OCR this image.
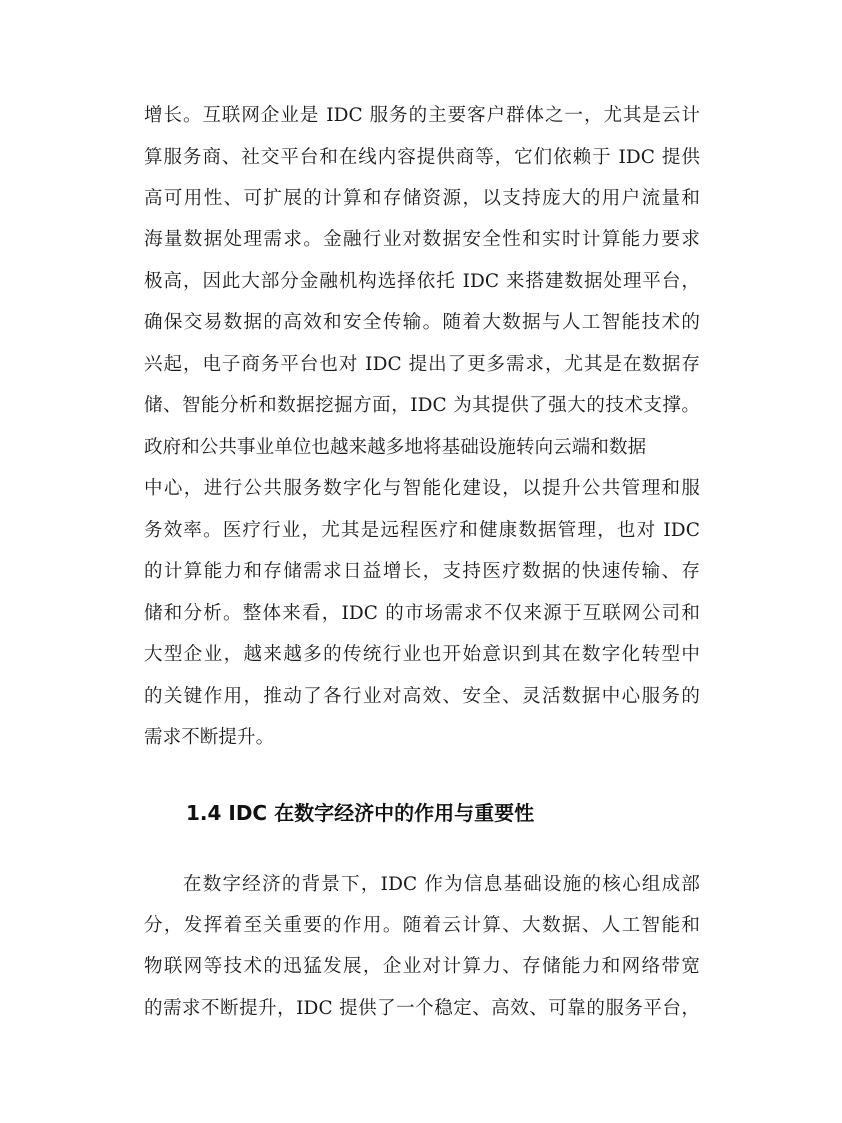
增长。互联网企业是 IDC 服务的主要客户群体之一，尤其是云计
算服务商、社交平台和在线内容提供商等，它们依赖于 IDC 提供
高可用性、可扩展的计算和存储资源，以支持庞大的用户流量和
海量数据处理需求。金融行业对数据安全性和实时计算能力要求
极高，因此大部分金融机构选择依托 IDC 来搭建数据处理平台，
确保交易数据的高效和安全传输。随着大数据与人工智能技术的
兴起，电子商务平台也对 IDC 提出了更多需求，尤其是在数据存
储、智能分析和数据挖掘方面，IDC 为其提供了强大的技术支撑。
政府和公共事业单位也越来越多地将基础设施转向云端和数据
中心，进行公共服务数字化与智能化建设，以提升公共管理和服
务效率。医疗行业，尤其是远程医疗和健康数据管理，也对 IDC
的计算能力和存储需求日益增长，支持医疗数据的快速传输、存
储和分析。整体来看，IDC 的市场需求不仅来源于互联网公司和
大型企业，越来越多的传统行业也开始意识到其在数字化转型中
的关键作用，推动了各行业对高效、安全、灵活数据中心服务的
需求不断提升。
1.4 IDC 在数字经济中的作用与重要性
在数字经济的背景下，IDC 作为信息基础设施的核心组成部
分，发挥着至关重要的作用。随着云计算、大数据、人工智能和
物联网等技术的迅猛发展，企业对计算力、存储能力和网络带宽
的需求不断提升，IDC 提供了一个稳定、高效、可靠的服务平台，
